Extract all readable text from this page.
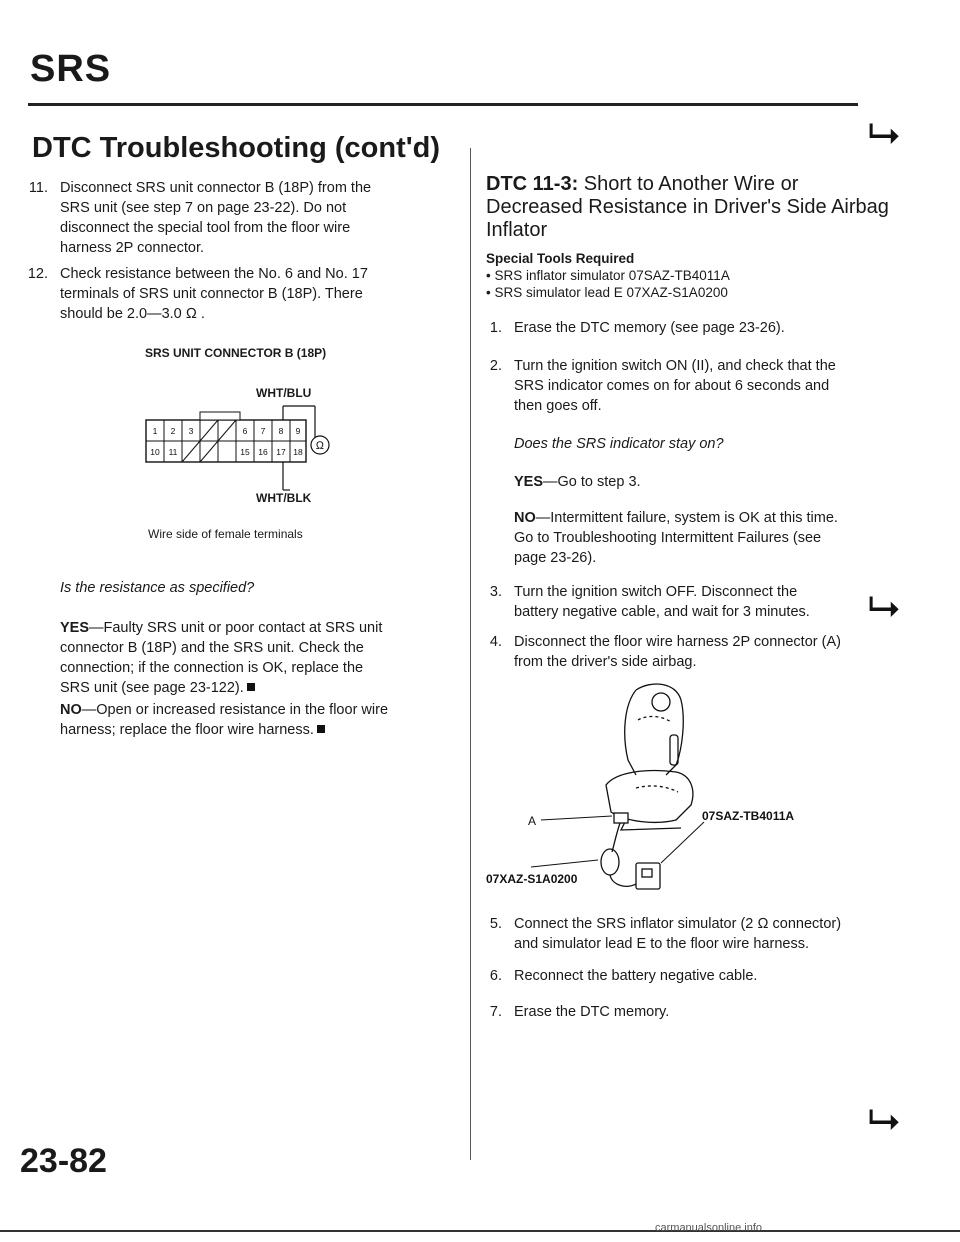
SRS
DTC Troubleshooting (cont'd)	⮡
⮡
⮡
11. Disconnect SRS unit connector B (18P) from the
SRS unit (see step 7 on page 23-22). Do not
disconnect the special tool from the floor wire
harness 2P connector.
12. Check resistance between the No. 6 and No. 17
terminals of SRS unit connector B (18P). There
should be 2.0—3.0 Ω .
SRS UNIT CONNECTOR B (18P)
WHT/BLU
WHT/BLK
1 2 3	6 7 8 9
10 11	15 16 17 18 Ω
Wire side of female terminals
Is the resistance as specified?
YES—Faulty SRS unit or poor contact at SRS unit
connector B (18P) and the SRS unit. Check the
connection; if the connection is OK, replace the
SRS unit (see page 23-122).
NO—Open or increased resistance in the floor wire
harness; replace the floor wire harness.
DTC 11-3: Short to Another Wire or
Decreased Resistance in Driver's Side Airbag
Inflator
Special Tools Required
• SRS inflator simulator 07SAZ-TB4011A
• SRS simulator lead E 07XAZ-S1A0200
1. Erase the DTC memory (see page 23-26).
2. Turn the ignition switch ON (II), and check that the
SRS indicator comes on for about 6 seconds and
then goes off.
Does the SRS indicator stay on?
YES—Go to step 3.
NO—Intermittent failure, system is OK at this time.
Go to Troubleshooting Intermittent Failures (see
page 23-26).
3. Turn the ignition switch OFF. Disconnect the
battery negative cable, and wait for 3 minutes.
4. Disconnect the floor wire harness 2P connector (A)
from the driver's side airbag.
A	07SAZ-TB4011A
07XAZ-S1A0200
5. Connect the SRS inflator simulator (2 Ω connector)
and simulator lead E to the floor wire harness.
6. Reconnect the battery negative cable.
7. Erase the DTC memory.
23-82
carmanualsonline.info
